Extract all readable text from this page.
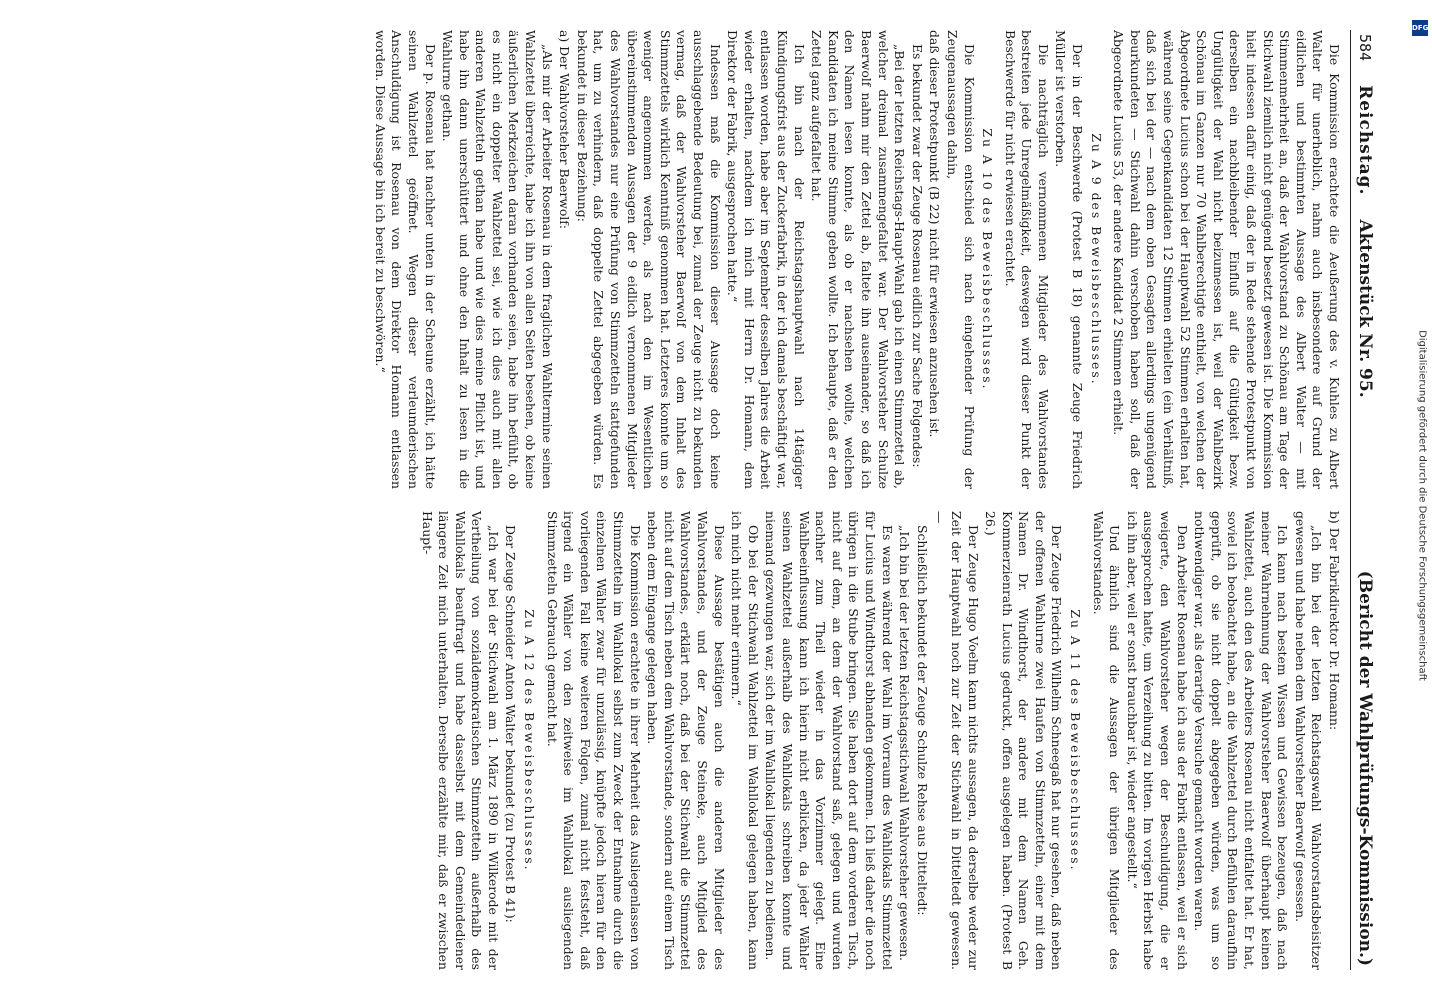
584
Reichstag.
Aktenstück Nr. 95.
(Bericht der Wahlprüfungs-Kommission.)

Die Kommission erachtete die Aeußerung des v. Kuhles zu Albert Walter für unerheblich, nahm auch insbesondere auf Grund der eidlichen und bestimmten Aussage des Albert Walter — mit Stimmenmehrheit an, daß der Wahlvorstand zu Schönau am Tage der Stichwahl ziemlich nicht genügend besetzt gewesen ist. Die Kommission hielt indessen dafür einig, daß der in Rede stehende Protestpunkt von derselben ein nachbleibender Einfluß auf die Gültigkeit bezw. Ungültigkeit der Wahl nicht beizumessen ist, weil der Wahlbezirk Schönau im Ganzen nur 70 Wahlberechtigte enthielt, von welchen der Abgeordnete Lucius schon bei der Hauptwahl 52 Stimmen erhalten hat, während seine Gegenkandidaten 12 Stimmen erhielten (ein Verhältniß, daß sich bei der — nach dem oben Gesagten allerdings ungenügend beurkundeten — Stichwahl dahin verschoben haben soll, daß der Abgeordnete Lucius 53, der andere Kandidat 2 Stimmen erhielt.

Zu A 9 des Beweisbeschlusses.

Der in der Beschwerde (Protest B 18) genannte Zeuge Friedrich Müller ist verstorben.

Die nachträglich vernommenen Mitglieder des Wahlvorstandes bestreiten jede Unregelmäßigkeit, deswegen wird dieser Punkt der Beschwerde für nicht erwiesen erachtet.

Zu A 10 des Beweisbeschlusses.

Die Kommission entschied sich nach eingehender Prüfung der Zeugenaussagen dahin,

daß dieser Protestpunkt (B 22) nicht für erwiesen anzusehen ist.

Es bekundet zwar der Zeuge Rosenau eidlich zur Sache Folgendes:

„Bei der letzten Reichstags-Haupt-Wahl gab ich einen Stimmzettel ab, welcher dreimal zusammengefaltet war. Der Wahlvorsteher Schulze Baerwolf nahm mir den Zettel ab, faltete ihn auseinander, so daß ich den Namen lesen konnte, als ob er nachsehen wollte, welchen Kandidaten ich meine Stimme geben wollte. Ich behaupte, daß er den Zettel ganz aufgefaltet hat.

Ich bin nach der Reichstagshauptwahl nach 14tägiger Kündigungsfrist aus der Zuckerfabrik, in der ich damals beschäftigt war, entlassen worden, habe aber im September desselben Jahres die Arbeit wieder erhalten, nachdem ich mich mit Herrn Dr. Homann, dem Direktor der Fabrik, ausgesprochen hatte.“

Indessen maß die Kommission dieser Aussage doch keine ausschlaggebende Bedeutung bei, zumal der Zeuge nicht zu bekunden vermag, daß der Wahlvorsteher Baerwolf von dem Inhalt des Stimmzettels wirklich Kenntniß genommen hat. Letzteres konnte um so weniger angenommen werden, als nach den im Wesentlichen übereinstimmenden Aussagen der 9 eidlich vernommenen Mitglieder des Wahlvorstandes nur eine Prüfung von Stimmzetteln stattgefunden hat, um zu verhindern, daß doppelte Zettel abgegeben würden. Es bekundet in dieser Beziehung:

a) Der Wahlvorsteher Baerwolf:

„Als mir der Arbeiter Rosenau in dem fraglichen Wahltermine seinen Wahlzettel überreichte, habe ich ihn von allen Seiten besehen, ob keine äußerlichen Merkzeichen daran vorhanden seien, habe ihn befühlt, ob es nicht ein doppelter Wahlzettel sei, wie ich dies auch mit allen anderen Wahlzetteln gethan habe und wie dies meine Pflicht ist, und habe ihn dann unerschüttert und ohne den Inhalt zu lesen in die Wahlurne gethan.

Der p. Rosenau hat nachher unten in der Scheune erzählt, ich hätte seinen Wahlzettel geöffnet. Wegen dieser verleumderischen Anschuldigung ist Rosenau von dem Direktor Homann entlassen worden. Diese Aussage bin ich bereit zu beschwören.“

b) Der Fabrikdirektor Dr. Homann:

„Ich bin bei der letzten Reichstagswahl Wahlvorstandsbeisitzer gewesen und habe neben dem Wahlvorsteher Baerwolf gesessen.

Ich kann nach bestem Wissen und Gewissen bezeugen, daß nach meiner Wahrnehmung der Wahlvorsteher Baerwolf überhaupt keinen Wahlzettel, auch den des Arbeiters Rosenau nicht entfaltet hat. Er hat, soviel ich beobachtet habe, an die Wahlzettel durch Befühlen daraufhin geprüft, ob sie nicht doppelt abgegeben würden, was um so nothwendiger war, als derartige Versuche gemacht worden waren.

Den Arbeiter Rosenau habe ich aus der Fabrik entlassen, weil er sich weigerte, den Wahlvorsteher wegen der Beschuldigung, die er ausgesprochen hatte, um Verzeihung zu bitten. Im vorigen Herbst habe ich ihn aber, weil er sonst brauchbar ist, wieder angestellt.“

Und ähnlich sind die Aussagen der übrigen Mitglieder des Wahlvorstandes.

Zu A 11 des Beweisbeschlusses.

Der Zeuge Friedrich Wilhelm Schneegaß hat nur gesehen, daß neben der offenen Wahlurne zwei Haufen von Stimmzetteln, einer mit dem Namen Dr. Windthorst, der andere mit dem Namen Geh. Kommerzienrath Lucius gedruckt, offen ausgelegen haben. (Protest B 26.)

Der Zeuge Hugo Voelm kann nichts aussagen, da derselbe weder zur Zeit der Hauptwahl noch zur Zeit der Stichwahl in Ditteltedt gewesen. —

Schließlich bekundet der Zeuge Schulze Rehse aus Ditteltedt:

„Ich bin bei der letzten Reichstagsstichwahl Wahlvorsteher gewesen.

Es waren während der Wahl im Vorraum des Wahllokals Stimmzettel für Lucius und Windthorst abhanden gekommen. Ich ließ daher die noch übrigen in die Stube bringen. Sie haben dort auf dem vorderen Tisch, nicht auf dem, an dem der Wahlvorstand saß, gelegen und wurden nachher zum Theil wieder in das Vorzimmer gelegt. Eine Wahlbeeinflussung kann ich hierin nicht erblicken, da jeder Wähler seinen Wahlzettel außerhalb des Wahllokals schreiben konnte und niemand gezwungen war, sich der im Wahllokal liegenden zu bedienen.

Ob bei der Stichwahl Wahlzettel im Wahllokal gelegen haben, kann ich mich nicht mehr erinnern.“

Diese Aussage bestätigen auch die anderen Mitglieder des Wahlvorstandes, und der Zeuge Steineke, auch Mitglied des Wahlvorstandes, erklärt noch, daß bei der Stichwahl die Stimmzettel nicht auf dem Tisch neben dem Wahlvorstande, sondern auf einem Tisch neben dem Eingange gelegen haben.

Die Kommission erachtete in ihrer Mehrheit das Ausliegenlassen von Stimmzetteln im Wahllokal selbst zum Zweck der Entnahme durch die einzelnen Wähler zwar für unzulässig, knüpfte jedoch hieran für den vorliegenden Fall keine weiteren Folgen, zumal nicht feststeht, daß irgend ein Wähler von den zeitweise im Wahllokal ausliegenden Stimmzetteln Gebrauch gemacht hat.

Zu A 12 des Beweisbeschlusses.

Der Zeuge Schneider Anton Walter bekundet (zu Protest B 41):

„Ich war bei der Stichwahl am 1. März 1890 in Wilkerode mit der Vertheilung von sozialdemokratischen Stimmzetteln außerhalb des Wahllokals beauftragt und habe dasselbst mit dem Gemeindediener längere Zeit mich unterhalten. Derselbe erzählte mir, daß er zwischen Haupt-

DFG
Digitalisierung gefördert durch die Deutsche Forschungsgemeinschaft
